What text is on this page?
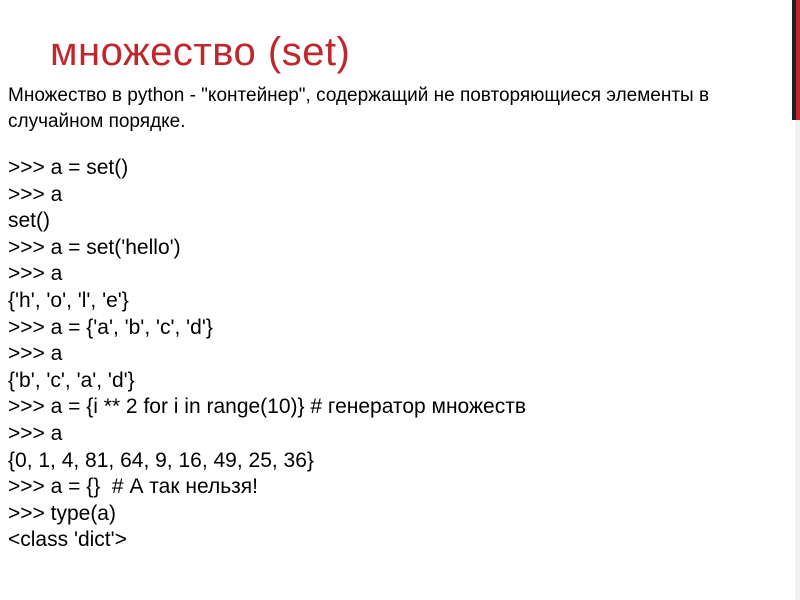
множество (set)

Множество в python - "контейнер", содержащий не повторяющиеся элементы в случайном порядке.

>>> a = set()
>>> a
set()
>>> a = set('hello')
>>> a
{'h', 'o', 'l', 'e'}
>>> a = {'a', 'b', 'c', 'd'}
>>> a
{'b', 'c', 'a', 'd'}
>>> a = {i ** 2 for i in range(10)} # генератор множеств
>>> a
{0, 1, 4, 81, 64, 9, 16, 49, 25, 36}
>>> a = {}  # А так нельзя!
>>> type(a)
<class 'dict'>
